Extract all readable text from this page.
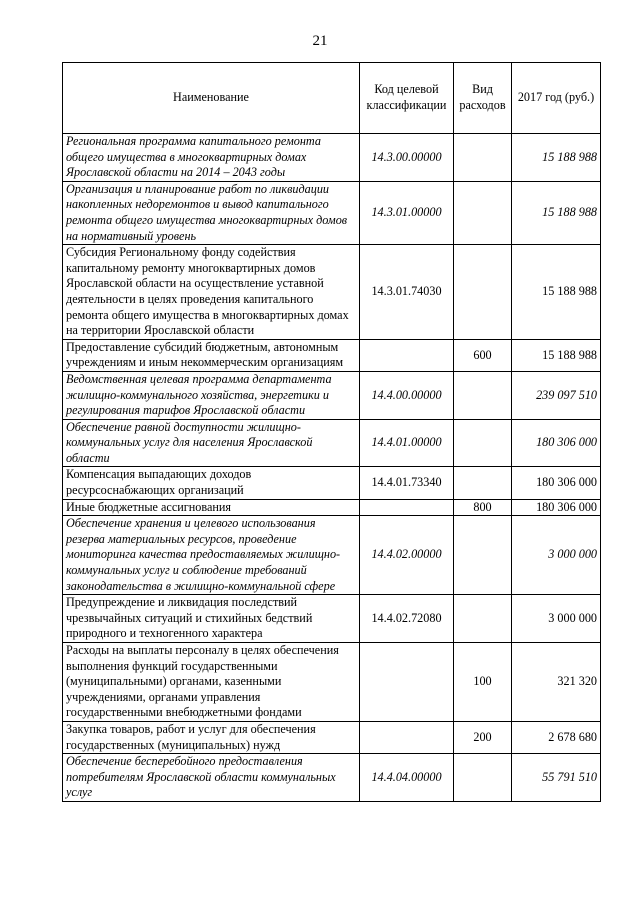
21
Наименование	Код целевой классификации	Вид расходов	2017 год (руб.)
Региональная программа капитального ремонта общего имущества в многоквартирных домах Ярославской области на 2014 – 2043 годы	14.3.00.00000		15 188 988
Организация и планирование работ по ликвидации накопленных недоремонтов и вывод капитального ремонта общего имущества многоквартирных домов на нормативный уровень	14.3.01.00000		15 188 988
Субсидия Региональному фонду содействия капитальному ремонту многоквартирных домов Ярославской области на осуществление уставной деятельности в целях проведения капитального ремонта общего имущества в многоквартирных домах на территории Ярославской области	14.3.01.74030		15 188 988
Предоставление субсидий бюджетным, автономным учреждениям и иным некоммерческим организациям		600	15 188 988
Ведомственная целевая программа департамента жилищно-коммунального хозяйства, энергетики и регулирования тарифов Ярославской области	14.4.00.00000		239 097 510
Обеспечение равной доступности жилищно-коммунальных услуг для населения Ярославской области	14.4.01.00000		180 306 000
Компенсация выпадающих доходов ресурсоснабжающих организаций	14.4.01.73340		180 306 000
Иные бюджетные ассигнования		800	180 306 000
Обеспечение хранения и целевого использования резерва материальных ресурсов, проведение мониторинга качества предоставляемых жилищно-коммунальных услуг и соблюдение требований законодательства в жилищно-коммунальной сфере	14.4.02.00000		3 000 000
Предупреждение и ликвидация последствий чрезвычайных ситуаций и стихийных бедствий природного и техногенного характера	14.4.02.72080		3 000 000
Расходы на выплаты персоналу в целях обеспечения выполнения функций государственными (муниципальными) органами, казенными учреждениями, органами управления государственными внебюджетными фондами		100	321 320
Закупка товаров, работ и услуг для обеспечения государственных (муниципальных) нужд		200	2 678 680
Обеспечение бесперебойного предоставления потребителям Ярославской области коммунальных услуг	14.4.04.00000		55 791 510
